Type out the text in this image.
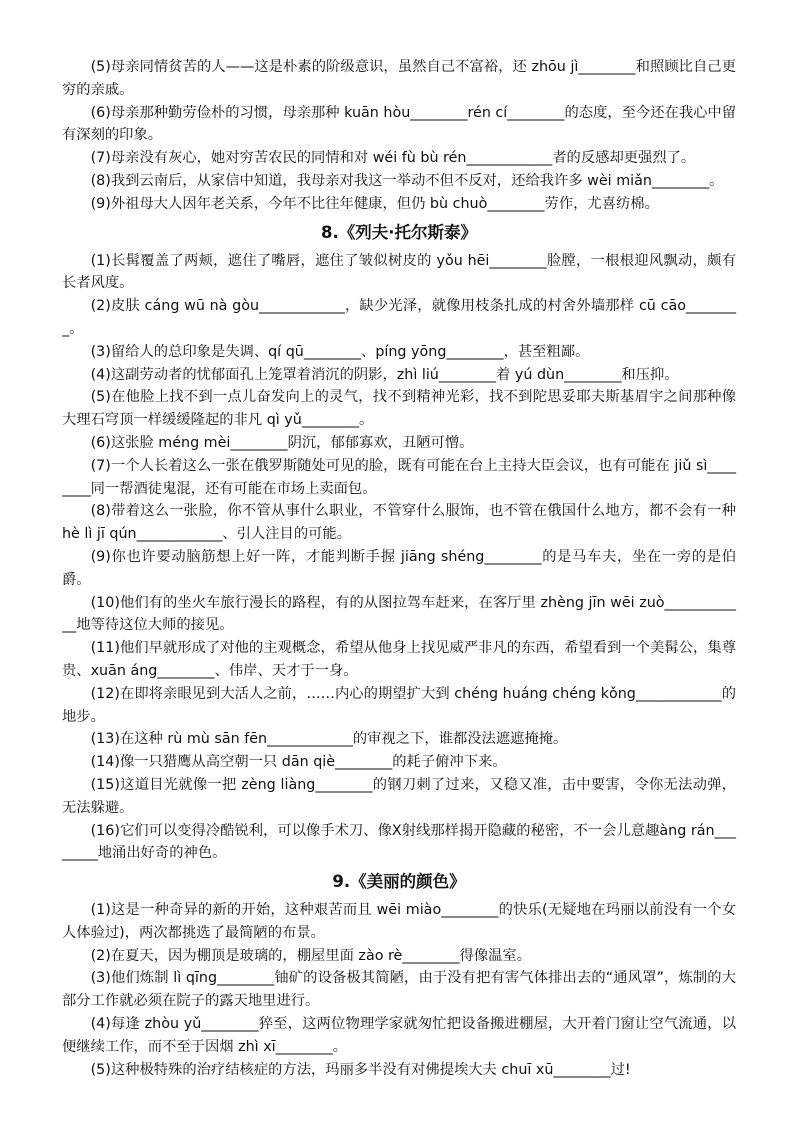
(5)母亲同情贫苦的人——这是朴素的阶级意识，虽然自己不富裕，还 zhōu jì________和照顾比自己更穷的亲戚。

(6)母亲那种勤劳俭朴的习惯，母亲那种 kuān hòu________rén cí________的态度，至今还在我心中留有深刻的印象。

(7)母亲没有灰心，她对穷苦农民的同情和对 wéi fù bù rén____________者的反感却更强烈了。

(8)我到云南后，从家信中知道，我母亲对我这一举动不但不反对，还给我许多 wèi miǎn________。

(9)外祖母大人因年老关系，今年不比往年健康，但仍 bù chuò________劳作，尤喜纺棉。

8.《列夫·托尔斯泰》

(1)长髯覆盖了两颊，遮住了嘴唇，遮住了皱似树皮的 yǒu hēi________脸膛，一根根迎风飘动，颇有长者风度。

(2)皮肤 cáng wū nà gòu____________，缺少光泽，就像用枝条扎成的村舍外墙那样 cū cāo________。

(3)留给人的总印象是失调、qí qū________、píng yōng________，甚至粗鄙。

(4)这副劳动者的忧郁面孔上笼罩着消沉的阴影，zhì liú________着 yú dùn________和压抑。

(5)在他脸上找不到一点儿奋发向上的灵气，找不到精神光彩，找不到陀思妥耶夫斯基眉宇之间那种像大理石穹顶一样缓缓隆起的非凡 qì yǔ________。

(6)这张脸 méng mèi________阴沉，郁郁寡欢，丑陋可憎。

(7)一个人长着这么一张在俄罗斯随处可见的脸，既有可能在台上主持大臣会议，也有可能在 jiǔ sì________同一帮酒徒鬼混，还有可能在市场上卖面包。

(8)带着这么一张脸，你不管从事什么职业，不管穿什么服饰，也不管在俄国什么地方，都不会有一种 hè lì jī qún____________、引人注目的可能。

(9)你也许要动脑筋想上好一阵，才能判断手握 jiāng shéng________的是马车夫，坐在一旁的是伯爵。

(10)他们有的坐火车旅行漫长的路程，有的从图拉驾车赶来，在客厅里 zhèng jīn wēi zuò____________地等待这位大师的接见。

(11)他们早就形成了对他的主观概念，希望从他身上找见威严非凡的东西，希望看到一个美髯公，集尊贵、xuān áng________、伟岸、天才于一身。

(12)在即将亲眼见到大活人之前，……内心的期望扩大到 chéng huáng chéng kǒng____________的地步。

(13)在这种 rù mù sān fēn____________的审视之下，谁都没法遮遮掩掩。

(14)像一只猎鹰从高空朝一只 dān qiè________的耗子俯冲下来。

(15)这道目光就像一把 zèng liàng________的钢刀刺了过来，又稳又准，击中要害，令你无法动弹，无法躲避。

(16)它们可以变得冷酷锐利，可以像手术刀、像X射线那样揭开隐藏的秘密，不一会儿意趣àng rán________地涌出好奇的神色。

9.《美丽的颜色》

(1)这是一种奇异的新的开始，这种艰苦而且 wēi miào________的快乐(无疑地在玛丽以前没有一个女人体验过)，两次都挑选了最简陋的布景。

(2)在夏天，因为棚顶是玻璃的，棚屋里面 zào rè________得像温室。

(3)他们炼制 lì qīng________铀矿的设备极其简陋，由于没有把有害气体排出去的“通风罩”，炼制的大部分工作就必须在院子的露天地里进行。

(4)每逢 zhòu yǔ________猝至，这两位物理学家就匆忙把设备搬进棚屋，大开着门窗让空气流通，以便继续工作，而不至于因烟 zhì xī________。

(5)这种极特殊的治疗结核症的方法，玛丽多半没有对佛提埃大夫 chuī xū________过!
